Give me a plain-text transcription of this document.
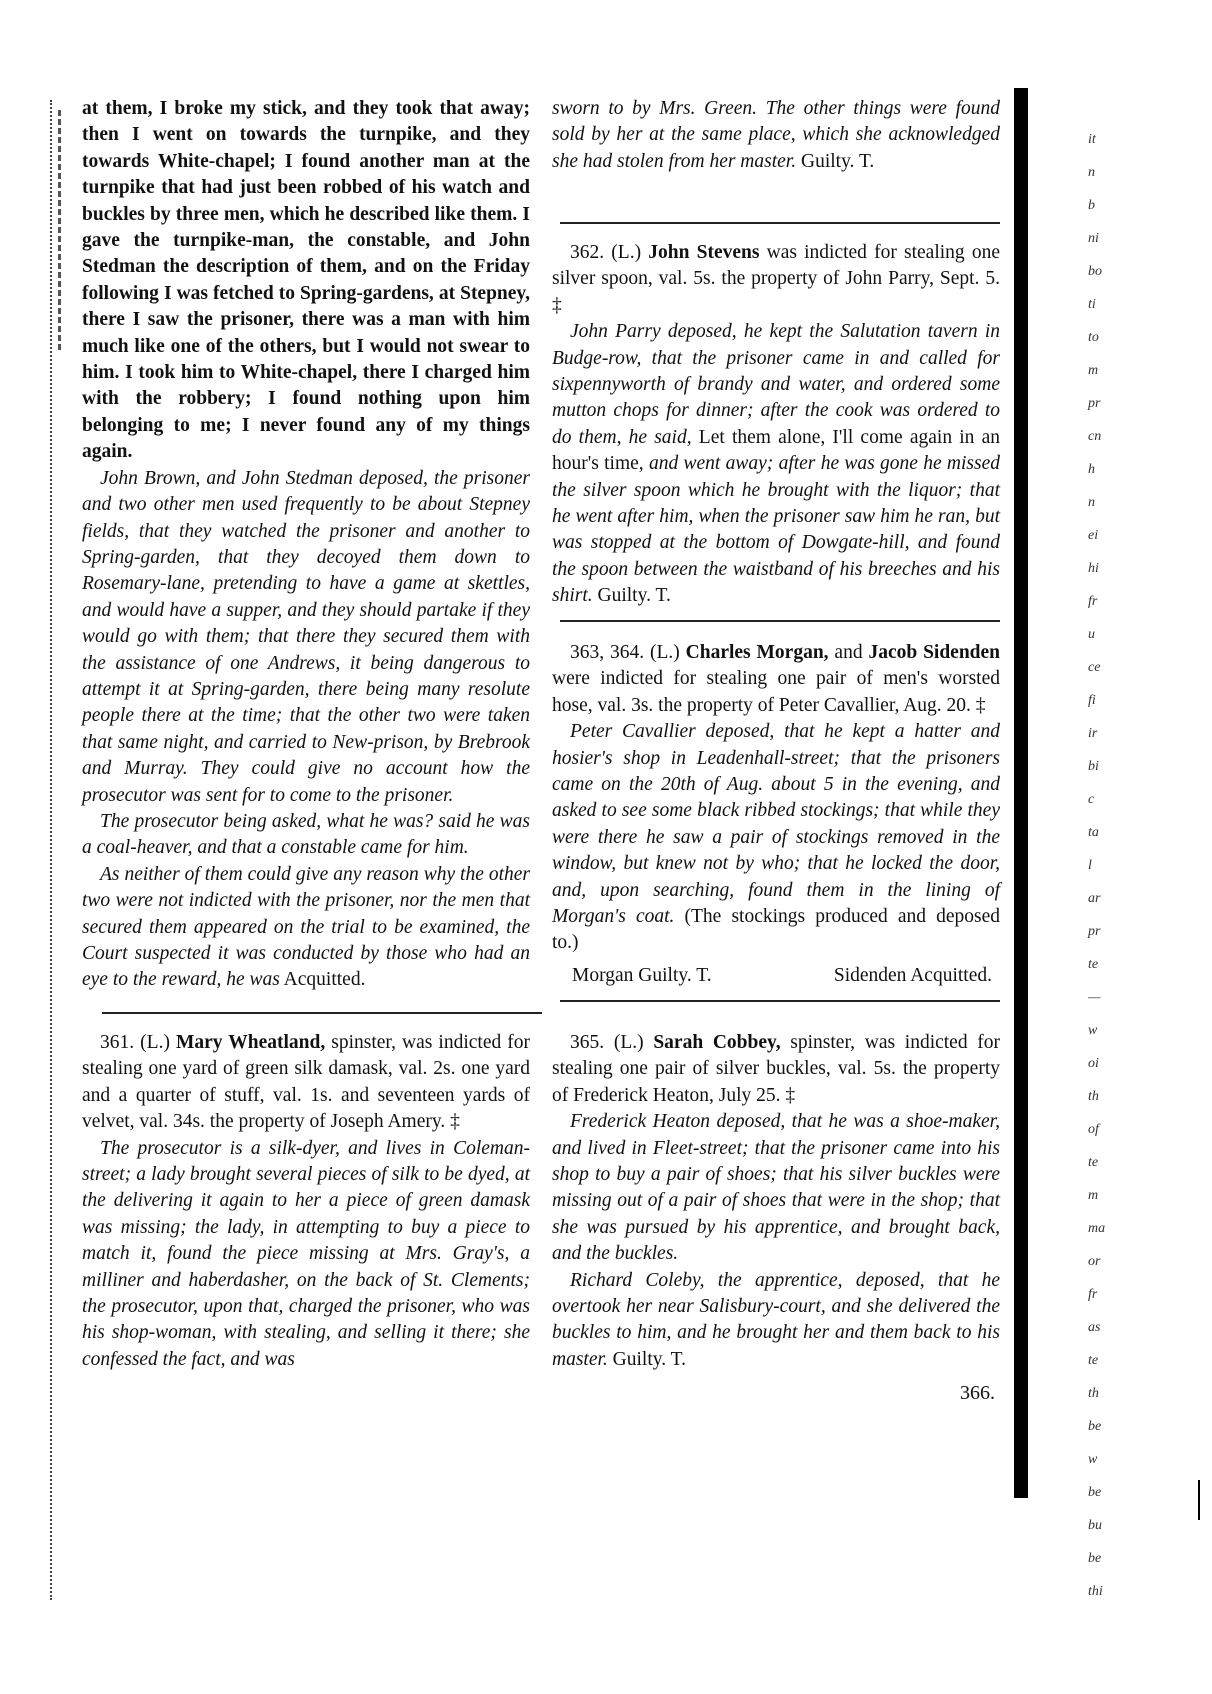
at them, I broke my stick, and they took that away; then I went on towards the turnpike, and they towards White-chapel; I found another man at the turnpike that had just been robbed of his watch and buckles by three men, which he described like them. I gave the turnpike-man, the constable, and John Stedman the description of them, and on the Friday following I was fetched to Spring-gardens, at Stepney, there I saw the prisoner, there was a man with him much like one of the others, but I would not swear to him. I took him to White-chapel, there I charged him with the robbery; I found nothing upon him belonging to me; I never found any of my things again.

John Brown, and John Stedman deposed, the prisoner and two other men used frequently to be about Stepney fields, that they watched the prisoner and another to Spring-garden, that they decoyed them down to Rosemary-lane, pretending to have a game at skettles, and would have a supper, and they should partake if they would go with them; that there they secured them with the assistance of one Andrews, it being dangerous to attempt it at Spring-garden, there being many resolute people there at the time; that the other two were taken that same night, and carried to New-prison, by Brebrook and Murray. They could give no account how the prosecutor was sent for to come to the prisoner.

The prosecutor being asked, what he was? said he was a coal-heaver, and that a constable came for him.

As neither of them could give any reason why the other two were not indicted with the prisoner, nor the men that secured them appeared on the trial to be examined, the Court suspected it was conducted by those who had an eye to the reward, he was Acquitted.

361. (L.) Mary Wheatland, spinster, was indicted for stealing one yard of green silk damask, val. 2s. one yard and a quarter of stuff, val. 1s. and seventeen yards of velvet, val. 34s. the property of Joseph Amery. ‡

The prosecutor is a silk-dyer, and lives in Coleman-street; a lady brought several pieces of silk to be dyed, at the delivering it again to her a piece of green damask was missing; the lady, in attempting to buy a piece to match it, found the piece missing at Mrs. Gray's, a milliner and haberdasher, on the back of St. Clements; the prosecutor, upon that, charged the prisoner, who was his shop-woman, with stealing, and selling it there; she confessed the fact, and was

sworn to by Mrs. Green. The other things were found sold by her at the same place, which she acknowledged she had stolen from her master. Guilty. T.

362. (L.) John Stevens was indicted for stealing one silver spoon, val. 5s. the property of John Parry, Sept. 5. ‡

John Parry deposed, he kept the Salutation tavern in Budge-row, that the prisoner came in and called for sixpennyworth of brandy and water, and ordered some mutton chops for dinner; after the cook was ordered to do them, he said, Let them alone, I'll come again in an hour's time, and went away; after he was gone he missed the silver spoon which he brought with the liquor; that he went after him, when the prisoner saw him he ran, but was stopped at the bottom of Dowgate-hill, and found the spoon between the waistband of his breeches and his shirt. Guilty. T.

363, 364. (L.) Charles Morgan, and Jacob Sidenden were indicted for stealing one pair of men's worsted hose, val. 3s. the property of Peter Cavallier, Aug. 20. ‡

Peter Cavallier deposed, that he kept a hatter and hosier's shop in Leadenhall-street; that the prisoners came on the 20th of Aug. about 5 in the evening, and asked to see some black ribbed stockings; that while they were there he saw a pair of stockings removed in the window, but knew not by who; that he locked the door, and, upon searching, found them in the lining of Morgan's coat. (The stockings produced and deposed to.)

Morgan Guilty. T.	Sidenden Acquitted.

365. (L.) Sarah Cobbey, spinster, was indicted for stealing one pair of silver buckles, val. 5s. the property of Frederick Heaton, July 25. ‡

Frederick Heaton deposed, that he was a shoe-maker, and lived in Fleet-street; that the prisoner came into his shop to buy a pair of shoes; that his silver buckles were missing out of a pair of shoes that were in the shop; that she was pursued by his apprentice, and brought back, and the buckles.

Richard Coleby, the apprentice, deposed, that he overtook her near Salisbury-court, and she delivered the buckles to him, and he brought her and them back to his master. Guilty. T.

366.
it
n
b
ni
bo
ti
to
m
pr
cn
h
n
ei
hi
fr
u
ce
fi
ir
bi
c
ta
l
ar
pr
te
—
w
oi
th
of
te
m
ma
or
fr
as
te
th
be
w
be
bu
be
thi
